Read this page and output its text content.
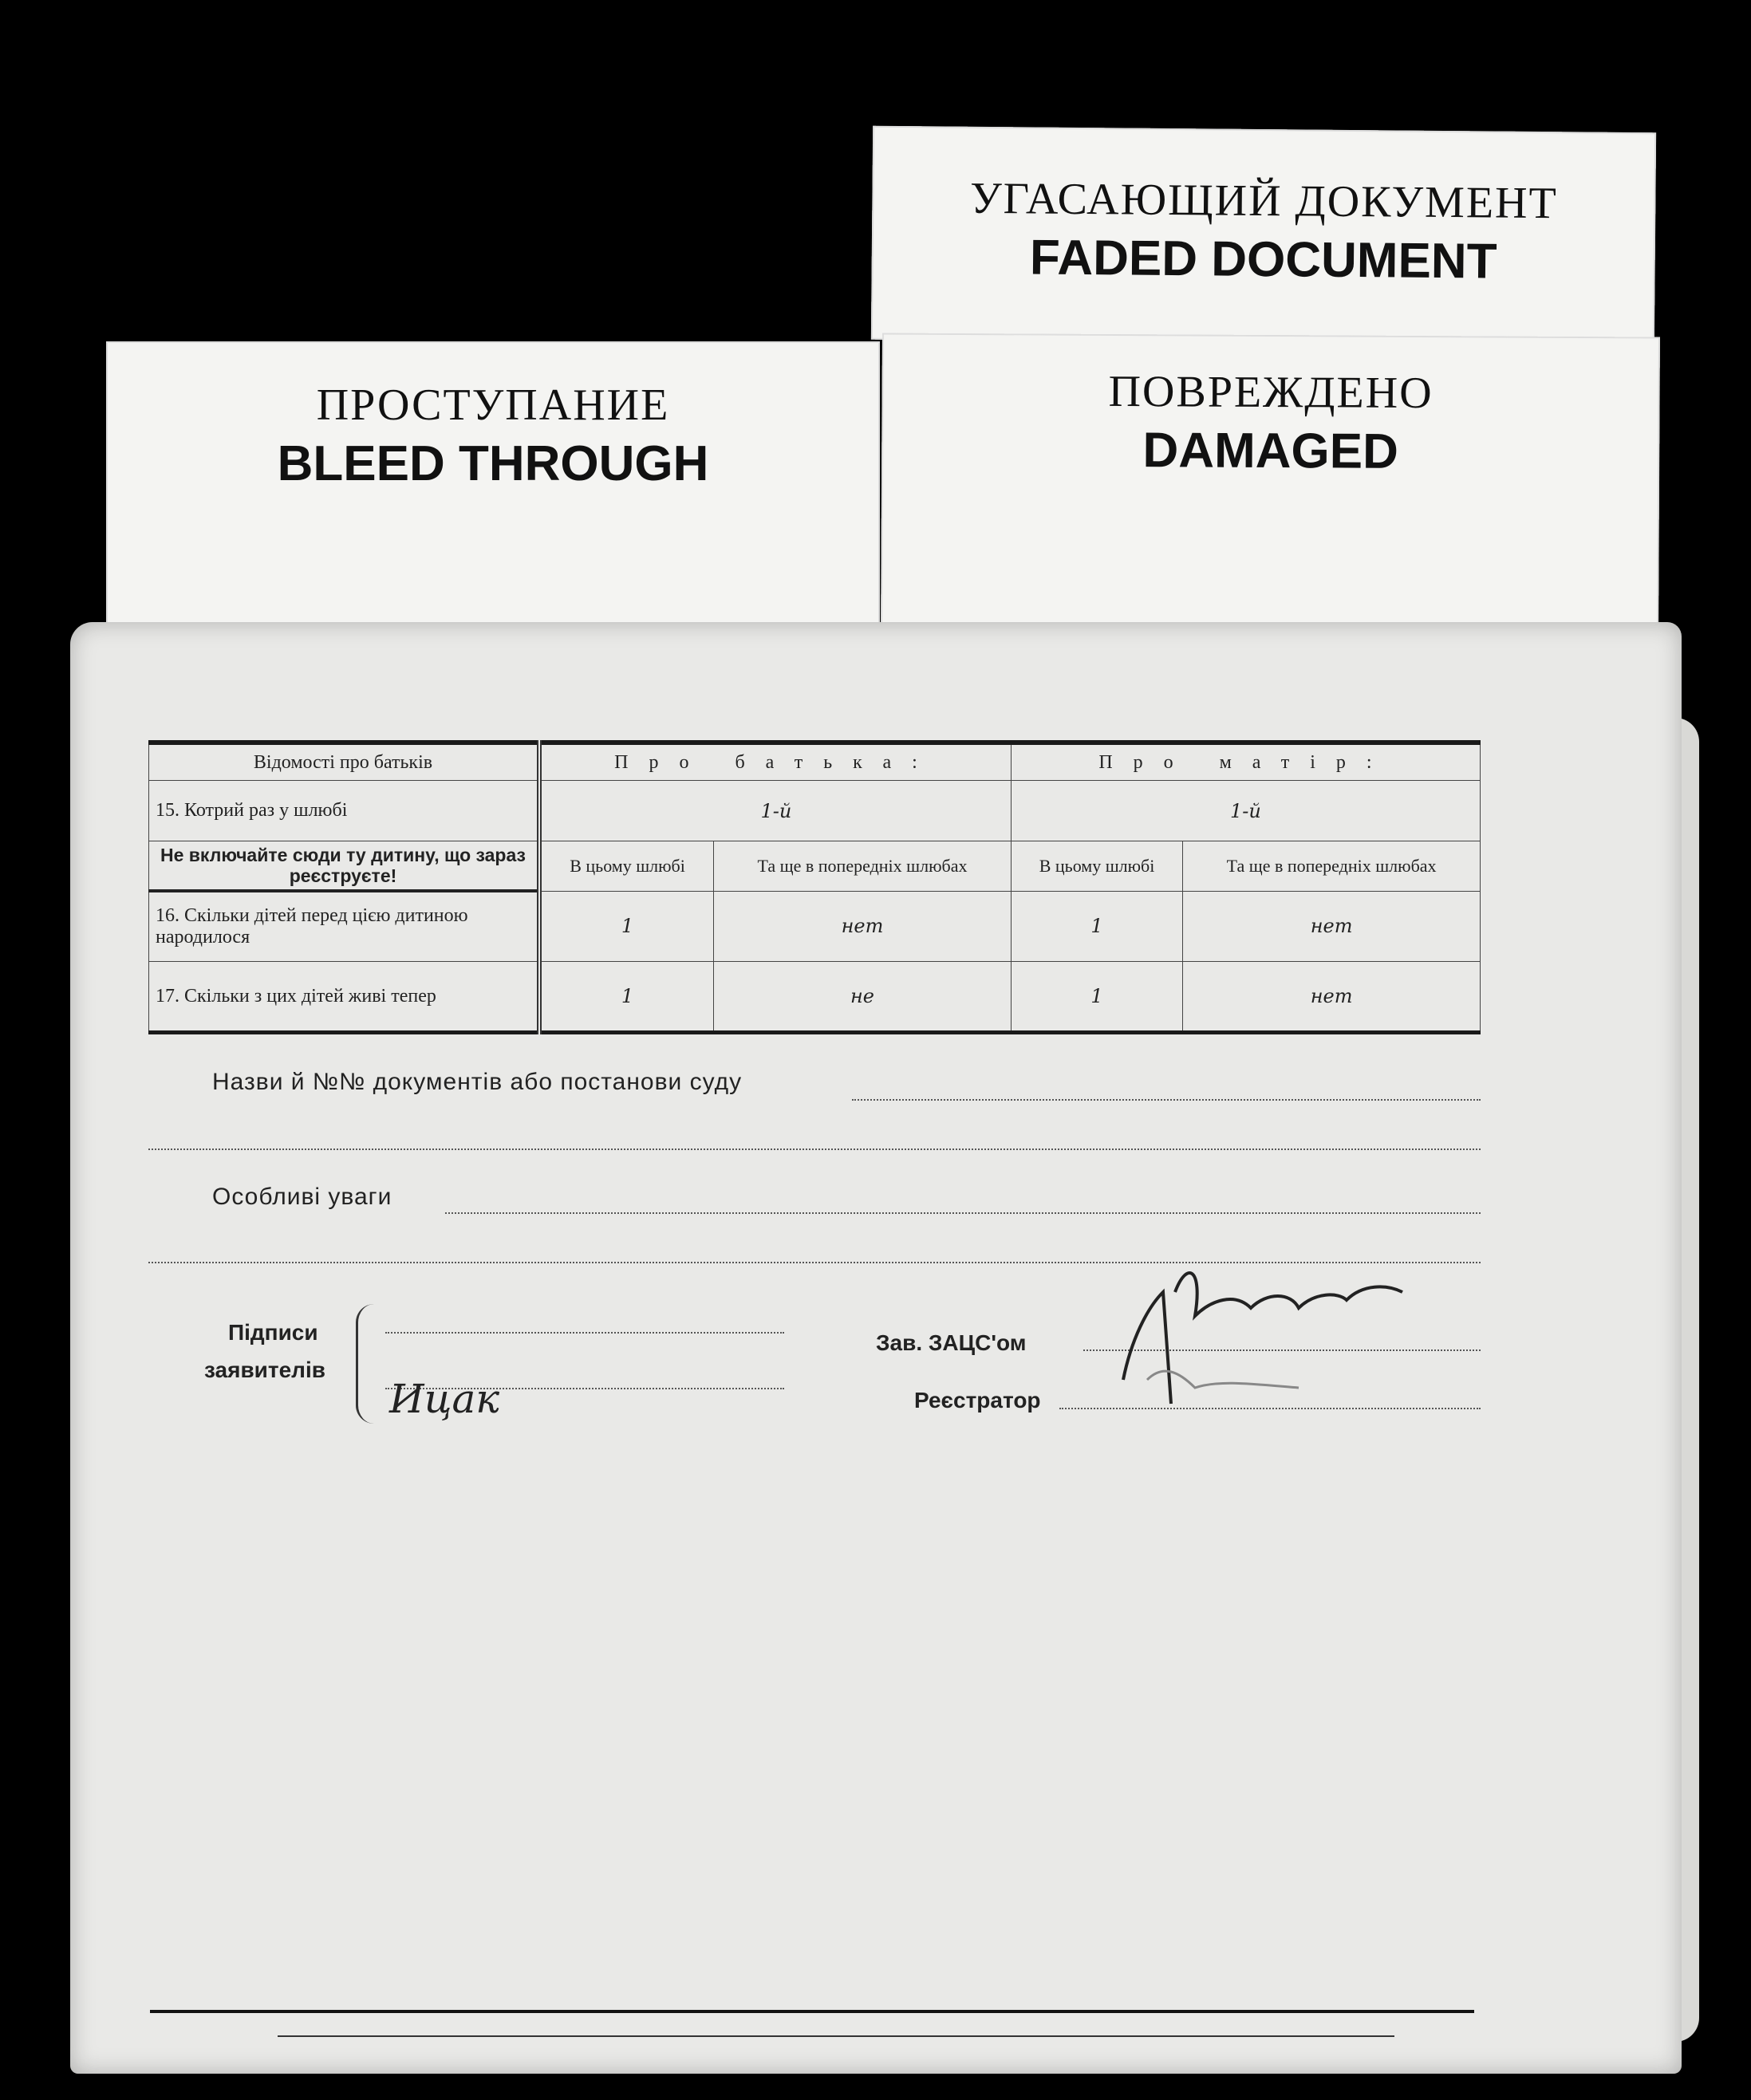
УГАСАЮЩИЙ ДОКУМЕНТ
FADED DOCUMENT
ПОВРЕЖДЕНО
DAMAGED
ПРОСТУПАНИЕ
BLEED THROUGH
Відомості про батьків	Про батька:		Про матір:	
15. Котрий раз у шлюбі	1-й		1-й	
Не включайте сюди ту дитину, що зараз реєструєте!	В цьому шлюбі	Та ще в попередніх шлюбах	В цьому шлюбі	Та ще в попередніх шлюбах
16. Скільки дітей перед цією дитиною народилося	1	нет	1	нет
17. Скільки з цих дітей живі тепер	1	не	1	нет
Назви й №№ документів або постанови суду
Особливі уваги
Підписи
заявителів
Ицак
Зав. ЗАЦС'ом
Реєстратор
